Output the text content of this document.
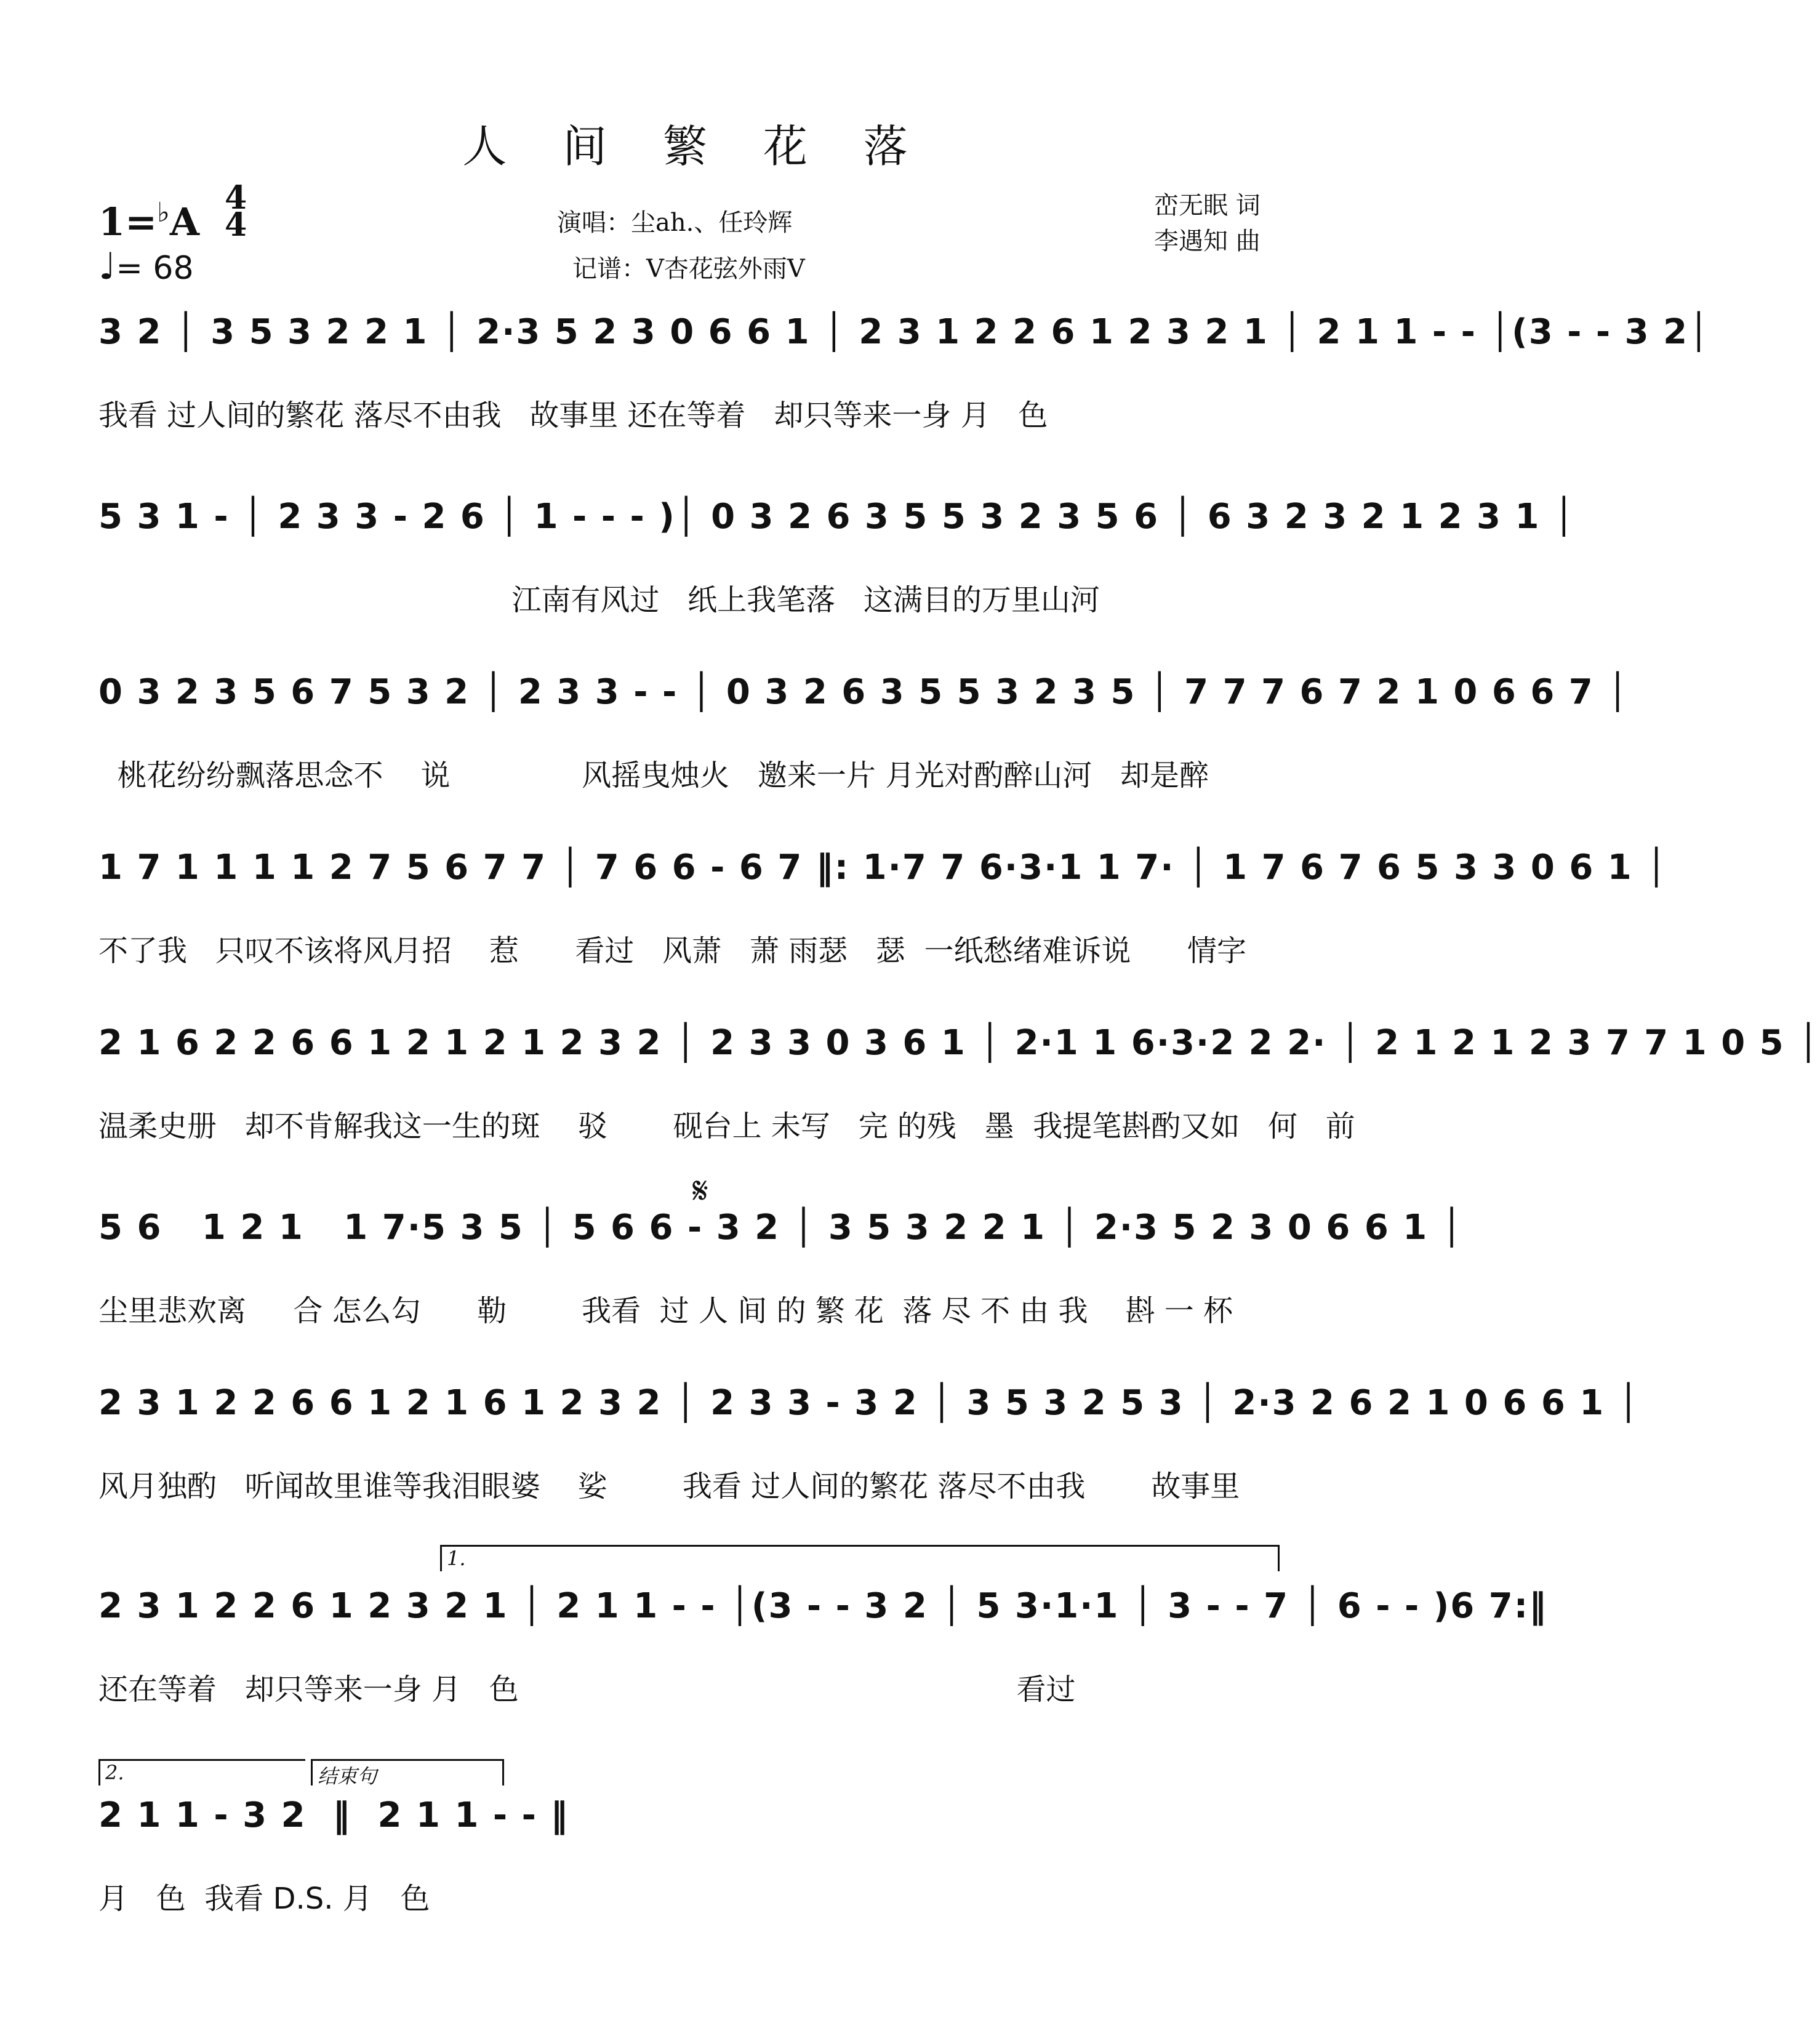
人 间 繁 花 落
1=♭A
4
4
♩= 68
演唱：尘ah.、任玲辉
记谱：V杏花弦外雨V
峦无眠 词
李遇知 曲
3 2 │ 3 5 3 2 2 1 │ 2·3 5 2 3 0 6 6 1 │ 2 3 1 2 2 6 1 2 3 2 1 │ 2 1 1 - - │(3 - - 3 2│
我看 过人间的繁花 落尽不由我   故事里 还在等着   却只等来一身 月   色
5 3 1 - │ 2 3 3 - 2 6 │ 1 - - - )│ 0 3 2 6 3 5 5 3 2 3 5 6 │ 6 3 2 3 2 1 2 3 1 │
江南有风过   纸上我笔落   这满目的万里山河
0 3 2 3 5 6 7 5 3 2 │ 2 3 3 - - │ 0 3 2 6 3 5 5 3 2 3 5 │ 7 7 7 6 7 2 1 0 6 6 7 │
桃花纷纷飘落思念不    说              风摇曳烛火   邀来一片 月光对酌醉山河   却是醉
1 7 1 1 1 1 2 7 5 6 7 7 │ 7 6 6 - 6 7 ‖: 1·7 7 6·3·1 1 7· │ 1 7 6 7 6 5 3 3 0 6 1 │
不了我   只叹不该将风月招    惹      看过   风萧   萧 雨瑟   瑟  一纸愁绪难诉说      情字
2 1 6 2 2 6 6 1 2 1 2 1 2 3 2 │ 2 3 3 0 3 6 1 │ 2·1 1 6·3·2 2 2· │ 2 1 2 1 2 3 7 7 1 0 5 │
温柔史册   却不肯解我这一生的斑    驳       砚台上 未写   完 的残   墨  我提笔斟酌又如   何   前
𝄋
5 6   1 2 1   1 7·5 3 5 │ 5 6 6 - 3 2 │ 3 5 3 2 2 1 │ 2·3 5 2 3 0 6 6 1 │
尘里悲欢离     合 怎么勾      勒        我看  过 人 间 的 繁 花  落 尽 不 由 我    斟 一 杯
2 3 1 2 2 6 6 1 2 1 6 1 2 3 2 │ 2 3 3 - 3 2 │ 3 5 3 2 5 3 │ 2·3 2 6 2 1 0 6 6 1 │
风月独酌   听闻故里谁等我泪眼婆    娑        我看 过人间的繁花 落尽不由我       故事里
1.
2 3 1 2 2 6 1 2 3 2 1 │ 2 1 1 - - │(3 - - 3 2 │ 5 3·1·1 │ 3 - - 7 │ 6 - - )6 7:‖
还在等着   却只等来一身 月   色                                                     看过
2.	结束句
2 1 1 - 3 2  ‖  2 1 1 - - ‖
月   色  我看 D.S. 月   色
